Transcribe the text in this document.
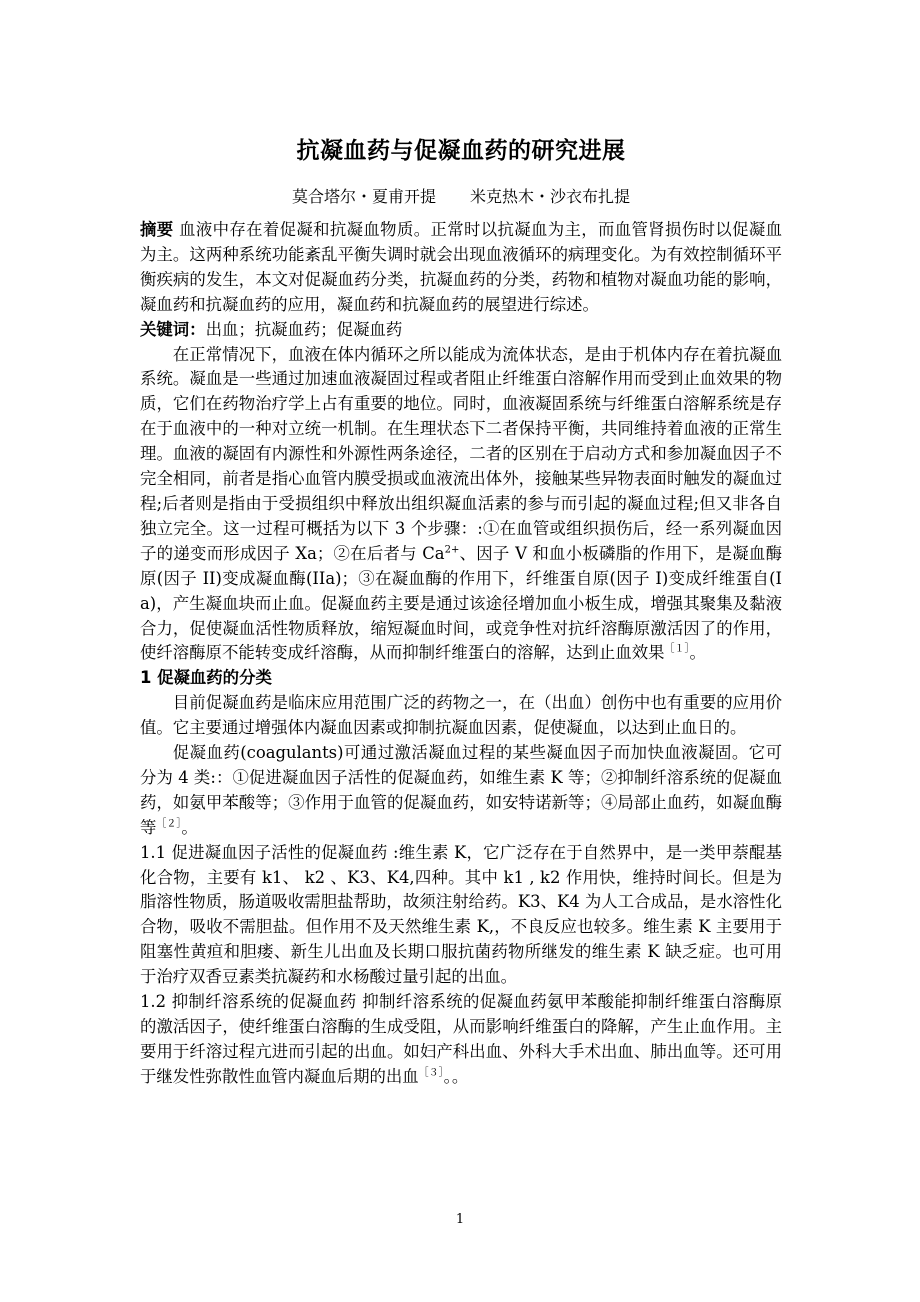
抗凝血药与促凝血药的研究进展
莫合塔尔・夏甫开提 米克热木・沙衣布扎提

摘要 血液中存在着促凝和抗凝血物质。正常时以抗凝血为主，而血管肾损伤时以促凝血为主。这两种系统功能紊乱平衡失调时就会出现血液循环的病理变化。为有效控制循环平衡疾病的发生，本文对促凝血药分类，抗凝血药的分类，药物和植物对凝血功能的影响，凝血药和抗凝血药的应用，凝血药和抗凝血药的展望进行综述。

关键词：出血；抗凝血药；促凝血药

在正常情况下，血液在体内循环之所以能成为流体状态，是由于机体内存在着抗凝血系统。凝血是一些通过加速血液凝固过程或者阻止纤维蛋白溶解作用而受到止血效果的物质，它们在药物治疗学上占有重要的地位。同时，血液凝固系统与纤维蛋白溶解系统是存在于血液中的一种对立统一机制。在生理状态下二者保持平衡，共同维持着血液的正常生理。血液的凝固有内源性和外源性两条途径，二者的区别在于启动方式和参加凝血因子不完全相同，前者是指心血管内膜受损或血液流出体外，接触某些异物表面时触发的凝血过程;后者则是指由于受损组织中释放出组织凝血活素的参与而引起的凝血过程;但又非各自独立完全。这一过程可概括为以下 3 个步骤：:①在血管或组织损伤后，经一系列凝血因子的递变而形成因子 Xa；②在后者与 $Ca^{2+}$、因子 V 和血小板磷脂的作用下，是凝血酶原(因子 II)变成凝血酶(IIa)；③在凝血酶的作用下，纤维蛋自原(因子 I)变成纤维蛋自(I a)，产生凝血块而止血。促凝血药主要是通过该途径增加血小板生成，增强其聚集及黏液合力，促使凝血活性物质释放，缩短凝血时间，或竞争性对抗纤溶酶原激活因了的作用，使纤溶酶原不能转变成纤溶酶，从而抑制纤维蛋白的溶解，达到止血效果$^{[1]}$。

1 促凝血药的分类

目前促凝血药是临床应用范围广泛的药物之一，在（出血）创伤中也有重要的应用价值。它主要通过增强体内凝血因素或抑制抗凝血因素，促使凝血，以达到止血日的。

促凝血药(coagulants)可通过激活凝血过程的某些凝血因子而加快血液凝固。它可分为 4 类:：①促进凝血因子活性的促凝血药，如维生素 K 等；②抑制纤溶系统的促凝血药，如氨甲苯酸等；③作用于血管的促凝血药，如安特诺新等；④局部止血药，如凝血酶等$^{[2]}$。

1.1 促进凝血因子活性的促凝血药 :维生素 K，它广泛存在于自然界中，是一类甲萘醌基化合物，主要有 k1、 k2 、K3、K4,四种。其中 k1 , k2 作用快，维持时间长。但是为脂溶性物质，肠道吸收需胆盐帮助，故须注射给药。K3、K4 为人工合成品，是水溶性化合物，吸收不需胆盐。但作用不及天然维生素 K,，不良反应也较多。维生素 K 主要用于阻塞性黄疸和胆瘘、新生儿出血及长期口服抗菌药物所继发的维生素 K 缺乏症。也可用于治疗双香豆素类抗凝药和水杨酸过量引起的出血。

1.2 抑制纤溶系统的促凝血药 抑制纤溶系统的促凝血药氨甲苯酸能抑制纤维蛋白溶酶原的激活因子，使纤维蛋白溶酶的生成受阻，从而影响纤维蛋白的降解，产生止血作用。主要用于纤溶过程亢进而引起的出血。如妇产科出血、外科大手术出血、肺出血等。还可用于继发性弥散性血管内凝血后期的出血$^{[3]}$。。

1
